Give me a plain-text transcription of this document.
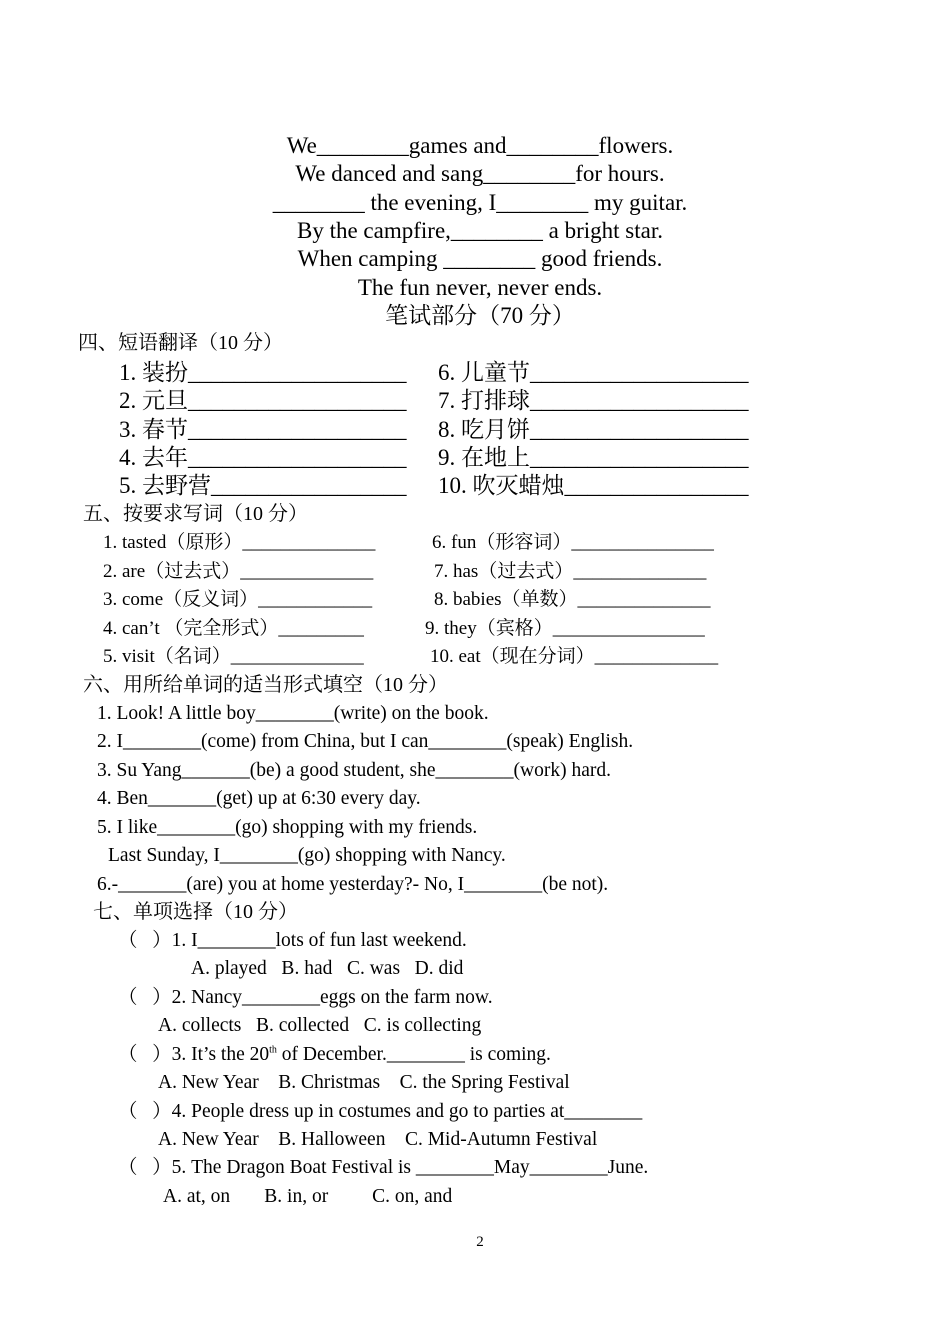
We________games and________flowers.
We danced and sang________for hours.
________ the evening, I________ my guitar.
By the campfire,________ a bright star.
When camping ________ good friends.
The fun never, never ends.
笔试部分（70 分）
四、短语翻译（10 分）
1. 装扮___________________
2. 元旦___________________
3. 春节___________________
4. 去年___________________
5. 去野营_________________
6. 儿童节___________________
7. 打排球___________________
8. 吃月饼___________________
9. 在地上___________________
10. 吹灭蜡烛________________
五、按要求写词（10 分）
1. tasted（原形）______________
2. are（过去式）______________
3. come（反义词）____________
4. can’t （完全形式）_________
5. visit（名词）______________
6. fun（形容词）_______________
7. has（过去式）______________
8. babies（单数）______________
9. they（宾格）________________
10. eat（现在分词）_____________
六、用所给单词的适当形式填空（10 分）
1. Look! A little boy________(write) on the book.
2. I________(come) from China, but I can________(speak) English.
3. Su Yang_______(be) a good student, she________(work) hard.
4. Ben_______(get) up at 6:30 every day.
5. I like________(go) shopping with my friends.
Last Sunday, I________(go) shopping with Nancy.
6.-_______(are) you at home yesterday?- No, I________(be not).
七、单项选择（10 分）
（   ）1. I________lots of fun last weekend.
A. played   B. had   C. was   D. did
（   ）2. Nancy________eggs on the farm now.
A. collects   B. collected   C. is collecting
（   ）3. It’s the 20th of December.________ is coming.
A. New Year    B. Christmas    C. the Spring Festival
（   ）4. People dress up in costumes and go to parties at________
A. New Year    B. Halloween    C. Mid-Autumn Festival
（   ）5. The Dragon Boat Festival is ________May________June.
A. at, on       B. in, or         C. on, and
2
